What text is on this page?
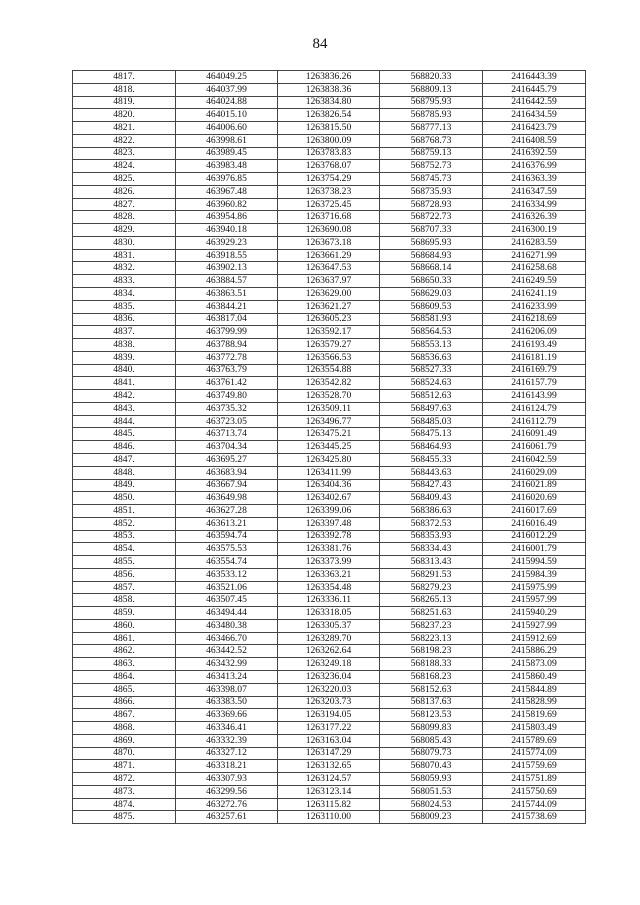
84
4817.	464049.25	1263836.26	568820.33	2416443.39
4818.	464037.99	1263838.36	568809.13	2416445.79
4819.	464024.88	1263834.80	568795.93	2416442.59
4820.	464015.10	1263826.54	568785.93	2416434.59
4821.	464006.60	1263815.50	568777.13	2416423.79
4822.	463998.61	1263800.09	568768.73	2416408.59
4823.	463989.45	1263783.83	568759.13	2416392.59
4824.	463983.48	1263768.07	568752.73	2416376.99
4825.	463976.85	1263754.29	568745.73	2416363.39
4826.	463967.48	1263738.23	568735.93	2416347.59
4827.	463960.82	1263725.45	568728.93	2416334.99
4828.	463954.86	1263716.68	568722.73	2416326.39
4829.	463940.18	1263690.08	568707.33	2416300.19
4830.	463929.23	1263673.18	568695.93	2416283.59
4831.	463918.55	1263661.29	568684.93	2416271.99
4832.	463902.13	1263647.53	568668.14	2416258.68
4833.	463884.57	1263637.97	568650.33	2416249.59
4834.	463863.51	1263629.00	568629.03	2416241.19
4835.	463844.21	1263621.27	568609.53	2416233.99
4836.	463817.04	1263605.23	568581.93	2416218.69
4837.	463799.99	1263592.17	568564.53	2416206.09
4838.	463788.94	1263579.27	568553.13	2416193.49
4839.	463772.78	1263566.53	568536.63	2416181.19
4840.	463763.79	1263554.88	568527.33	2416169.79
4841.	463761.42	1263542.82	568524.63	2416157.79
4842.	463749.80	1263528.70	568512.63	2416143.99
4843.	463735.32	1263509.11	568497.63	2416124.79
4844.	463723.05	1263496.77	568485.03	2416112.79
4845.	463713.74	1263475.21	568475.13	2416091.49
4846.	463704.34	1263445.25	568464.93	2416061.79
4847.	463695.27	1263425.80	568455.33	2416042.59
4848.	463683.94	1263411.99	568443.63	2416029.09
4849.	463667.94	1263404.36	568427.43	2416021.89
4850.	463649.98	1263402.67	568409.43	2416020.69
4851.	463627.28	1263399.06	568386.63	2416017.69
4852.	463613.21	1263397.48	568372.53	2416016.49
4853.	463594.74	1263392.78	568353.93	2416012.29
4854.	463575.53	1263381.76	568334.43	2416001.79
4855.	463554.74	1263373.99	568313.43	2415994.59
4856.	463533.12	1263363.21	568291.53	2415984.39
4857.	463521.06	1263354.48	568279.23	2415975.99
4858.	463507.45	1263336.11	568265.13	2415957.99
4859.	463494.44	1263318.05	568251.63	2415940.29
4860.	463480.38	1263305.37	568237.23	2415927.99
4861.	463466.70	1263289.70	568223.13	2415912.69
4862.	463442.52	1263262.64	568198.23	2415886.29
4863.	463432.99	1263249.18	568188.33	2415873.09
4864.	463413.24	1263236.04	568168.23	2415860.49
4865.	463398.07	1263220.03	568152.63	2415844.89
4866.	463383.50	1263203.73	568137.63	2415828.99
4867.	463369.66	1263194.05	568123.53	2415819.69
4868.	463346.41	1263177.22	568099.83	2415803.49
4869.	463332.39	1263163.04	568085.43	2415789.69
4870.	463327.12	1263147.29	568079.73	2415774.09
4871.	463318.21	1263132.65	568070.43	2415759.69
4872.	463307.93	1263124.57	568059.93	2415751.89
4873.	463299.56	1263123.14	568051.53	2415750.69
4874.	463272.76	1263115.82	568024.53	2415744.09
4875.	463257.61	1263110.00	568009.23	2415738.69
